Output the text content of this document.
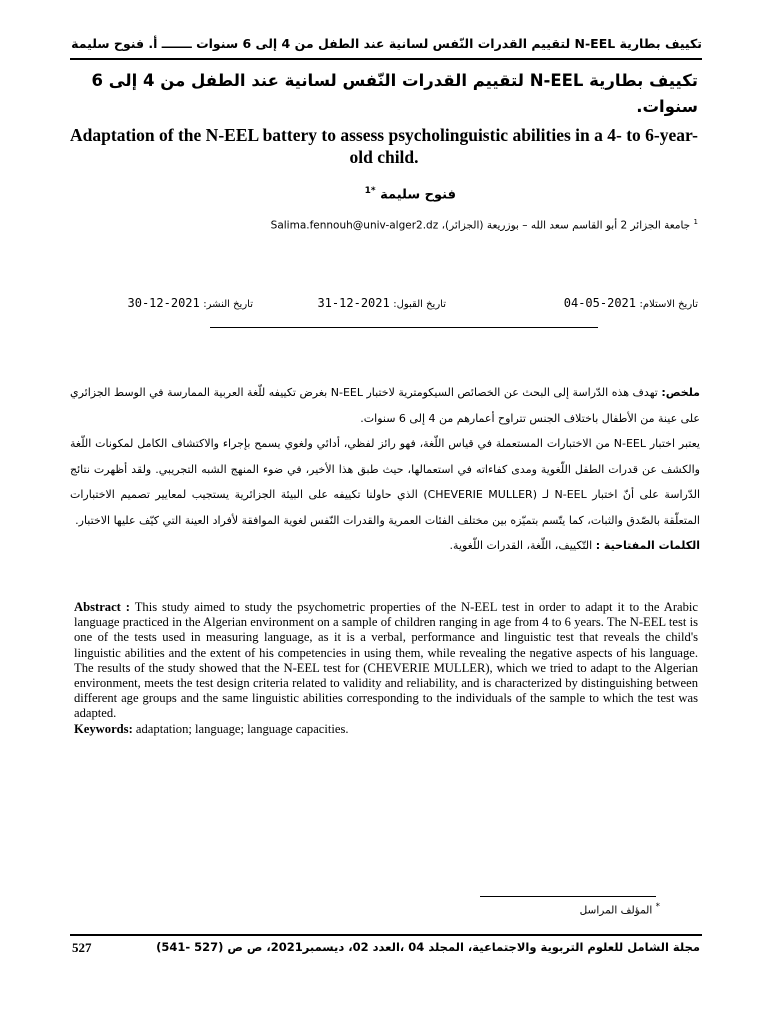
تكييف بطارية N-EEL لتقييم القدرات النّفس لسانية عند الطفل من 4 إلى 6 سنوات ـــــــ أ. فنوح سليمة
تكييف بطارية N-EEL لتقييم القدرات النّفس لسانية عند الطفل من 4 إلى 6 سنوات.
Adaptation of the N-EEL battery to assess psycholinguistic abilities in a 4- to 6-year-old child.
فنوح سليمة $^{*1}$
$^1$ جامعة الجزائر 2 أبو القاسم سعد الله – بوزريعة (الجزائر)، Salima.fennouh@univ-alger2.dz
تاريخ الاستلام: 2021-05-04
تاريخ القبول: 2021-12-31
تاريخ النشر: 2021-12-30

ملخص: تهدف هذه الدّراسة إلى البحث عن الخصائص السيكومترية لاختبار N-EEL بغرض تكييفه للّغة العربية الممارسة في الوسط الجزائري على عينة من الأطفال باختلاف الجنس تتراوح أعمارهم من 4 إلى 6 سنوات.

يعتبر اختبار N-EEL من الاختبارات المستعملة في قياس اللّغة، فهو رائز لفظي، أدائي ولغوي يسمح بإجراء والاكتشاف الكامل لمكونات اللّغة والكشف عن قدرات الطفل اللّغوية ومدى كفاءاته في استعمالها، حيث طبق هذا الأخير، في ضوء المنهج الشبه التجريبي. ولقد أظهرت نتائج الدّراسة على أنّ اختبار N-EEL لـ (CHEVERIE MULLER) الذي حاولنا تكييفه على البيئة الجزائرية يستجيب لمعايير تصميم الاختبارات المتعلّقة بالصّدق والثبات، كما يتّسم بتميّزه بين مختلف الفئات العمرية والقدرات النّفس لغوية الموافقة لأفراد العينة التي كيّف عليها الاختبار.

الكلمات المفتاحية : التّكييف، اللّغة، القدرات اللّغوية.

Abstract : This study aimed to study the psychometric properties of the N-EEL test in order to adapt it to the Arabic language practiced in the Algerian environment on a sample of children ranging in age from 4 to 6 years. The N-EEL test is one of the tests used in measuring language, as it is a verbal, performance and linguistic test that reveals the child's linguistic abilities and the extent of his competencies in using them, while revealing the negative aspects of his language. The results of the study showed that the N-EEL test for (CHEVERIE MULLER), which we tried to adapt to the Algerian environment, meets the test design criteria related to validity and reliability, and is characterized by distinguishing between different age groups and the same linguistic abilities corresponding to the individuals of the sample to which the test was adapted.

Keywords: adaptation; language; language capacities.

* المؤلف المراسل
مجلة الشامل للعلوم التربوية والاجتماعية، المجلد 04 ،العدد 02، ديسمبر2021، ص ص (527 -541)
527
